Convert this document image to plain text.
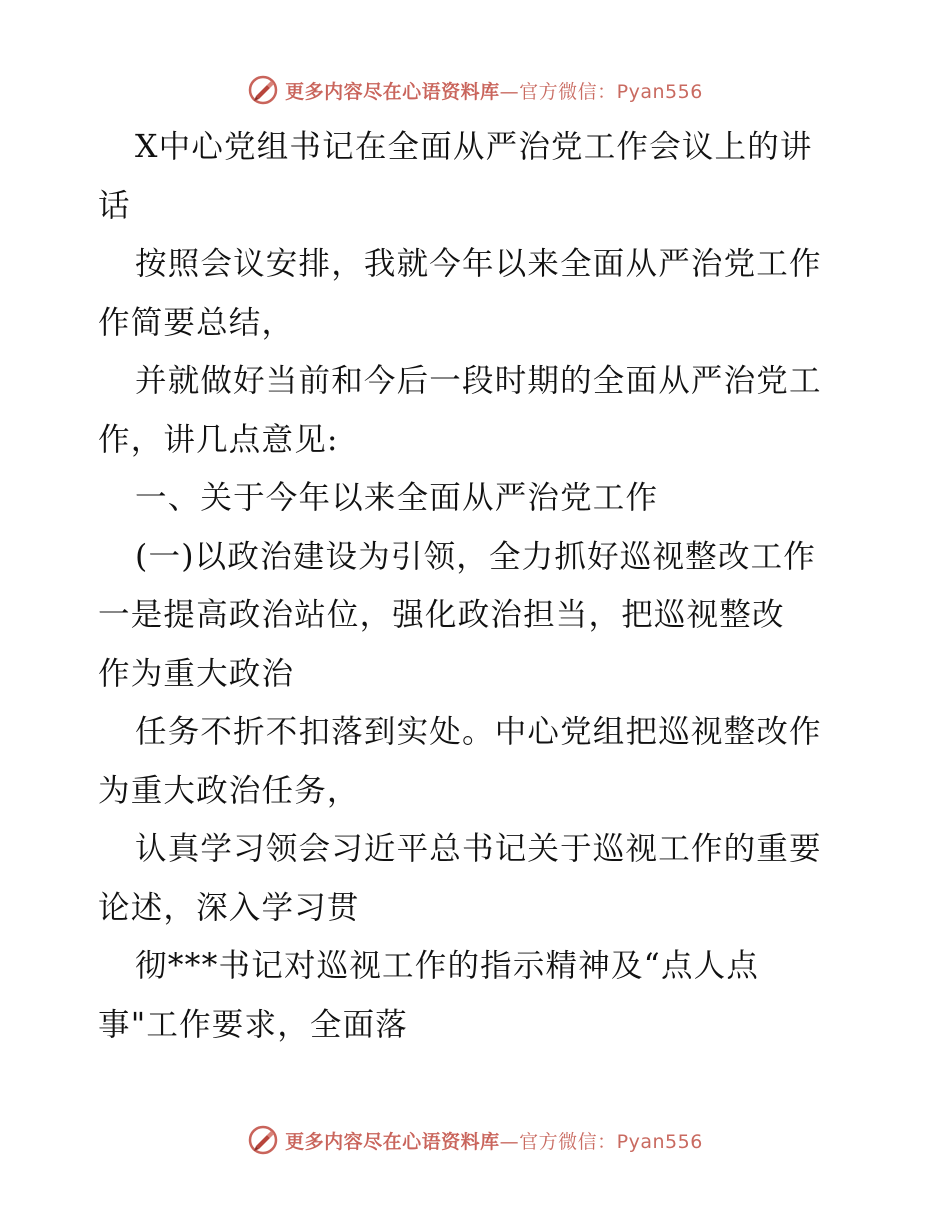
更多内容尽在心语资料库—官方微信：Pyan556
X中心党组书记在全面从严治党工作会议上的讲
话
按照会议安排，我就今年以来全面从严治党工作
作简要总结，
并就做好当前和今后一段时期的全面从严治党工
作，讲几点意见:
一、关于今年以来全面从严治党工作
(一)以政治建设为引领，全力抓好巡视整改工作
一是提高政治站位，强化政治担当，把巡视整改
作为重大政治
任务不折不扣落到实处。中心党组把巡视整改作
为重大政治任务，
认真学习领会习近平总书记关于巡视工作的重要
论述，深入学习贯
彻***书记对巡视工作的指示精神及“点人点
事"工作要求，全面落
更多内容尽在心语资料库—官方微信：Pyan556
